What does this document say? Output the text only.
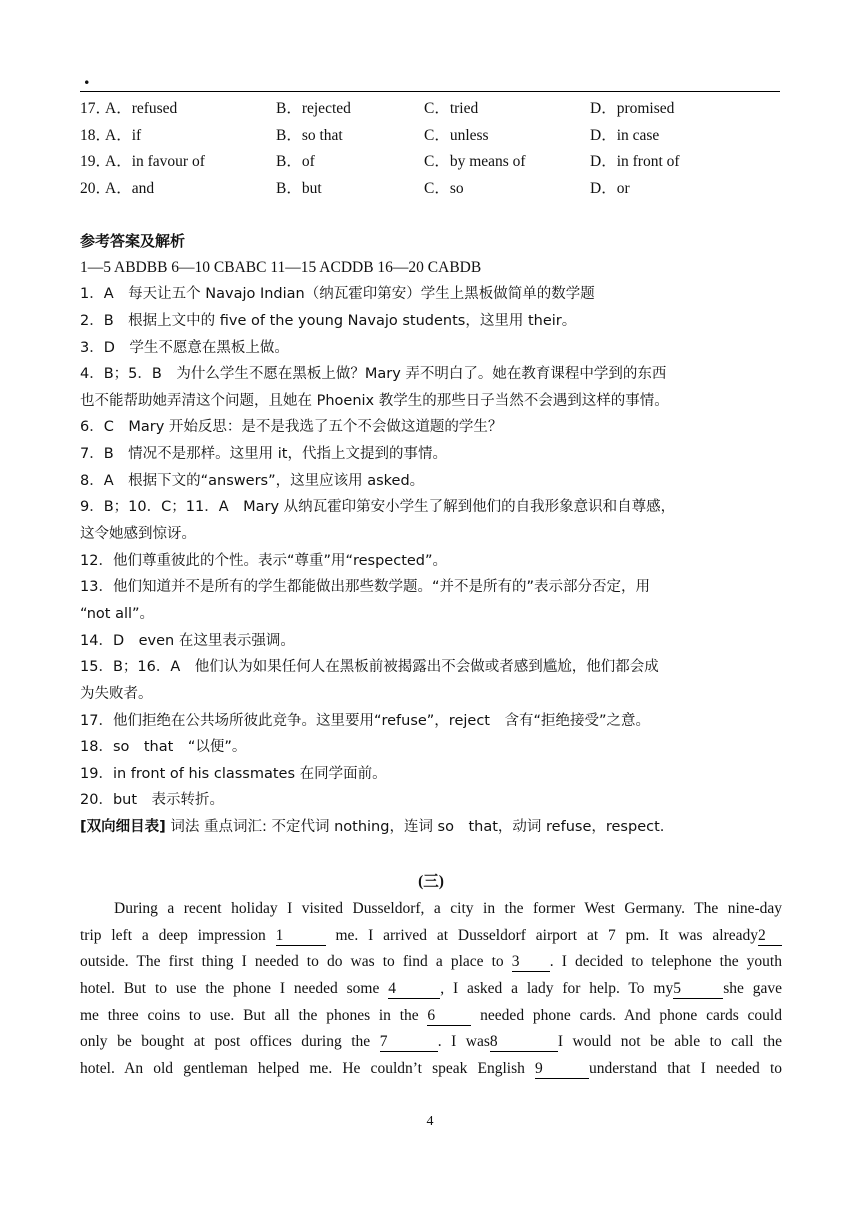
.
17．
A．refused	B．rejected	C．tried	D．promised
18．
A．if	B．so that	C．unless	D．in case
19．
A．in favour of	B．of	C．by means of	D．in front of
20．
A．and	B．but	C．so	D．or
参考答案及解析
1—5 ABDBB 6—10 CBABC 11—15 ACDDB 16—20 CABDB
1．A　每天让五个 Navajo Indian（纳瓦霍印第安）学生上黑板做简单的数学题
2．B　根据上文中的 five of the young Navajo students，这里用 their。
3．D　学生不愿意在黑板上做。
4．B；5．B　为什么学生不愿在黑板上做？Mary 弄不明白了。她在教育课程中学到的东西
也不能帮助她弄清这个问题，且她在 Phoenix 教学生的那些日子当然不会遇到这样的事情。
6．C　Mary 开始反思：是不是我选了五个不会做这道题的学生？
7．B　情况不是那样。这里用 it，代指上文提到的事情。
8．A　根据下文的“answers”，这里应该用 asked。
9．B；10．C；11．A　Mary 从纳瓦霍印第安小学生了解到他们的自我形象意识和自尊感，
这令她感到惊讶。
12．他们尊重彼此的个性。表示“尊重”用“respected”。
13．他们知道并不是所有的学生都能做出那些数学题。“并不是所有的”表示部分否定，用
“not all”。
14．D　even 在这里表示强调。
15．B；16．A　他们认为如果任何人在黑板前被揭露出不会做或者感到尴尬，他们都会成
为失败者。
17．他们拒绝在公共场所彼此竞争。这里要用“refuse”，reject　含有“拒绝接受”之意。
18．so　that　“以便”。
19．in front of his classmates 在同学面前。
20．but　表示转折。
[双向细目表] 词法 重点词汇: 不定代词 nothing，连词 so　that，动词 refuse，respect.
(三)
During a recent holiday I visited Dusseldorf, a city in the former West Germany. The nine-day
trip left a deep impression 1	me. I arrived at Dusseldorf airport at 7 pm. It was already2
outside. The first thing I needed to do was to find a place to 3 . I decided to telephone the youth
hotel. But to use the phone I needed some 4	, I asked a lady for help. To my5	she gave
me three coins to use. But all the phones in the 6 needed phone cards. And phone cards could
only be bought at post offices during the 7	. I was8	I would not be able to call the
hotel. An old gentleman helped me. He couldn’t speak English 9	understand that I needed to
4
